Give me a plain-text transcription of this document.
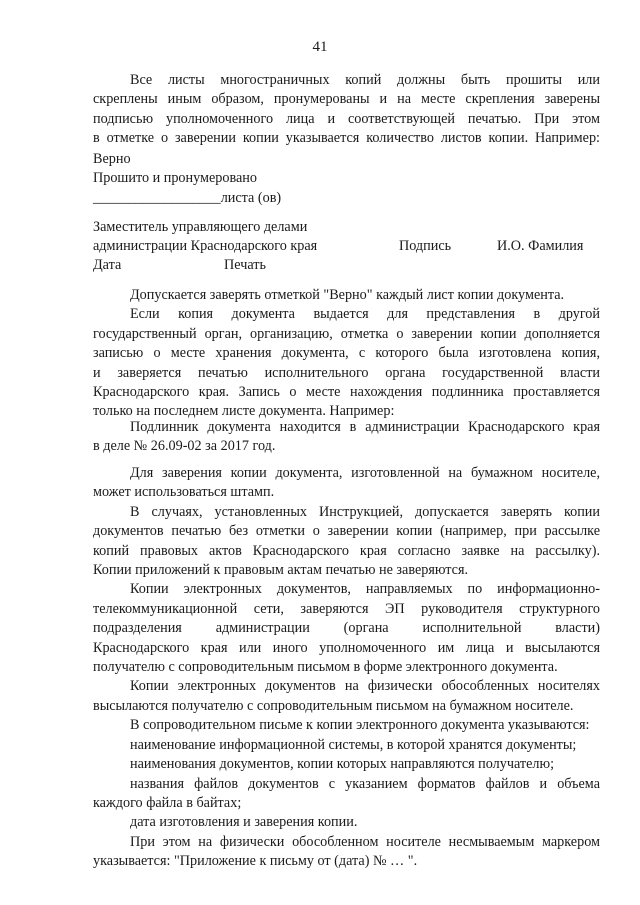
41
Все листы многостраничных копий должны быть прошиты или
скреплены иным образом, пронумерованы и на месте скрепления заверены
подписью уполномоченного лица и соответствующей печатью. При этом
в отметке о заверении копии указывается количество листов копии. Например:
Верно
Прошито и пронумеровано
__________________листа (ов)
Заместитель управляющего делами
администрации Краснодарского края	Подпись	И.О. Фамилия
Дата	Печать
Допускается заверять отметкой "Верно" каждый лист копии документа.
Если копия документа выдается для представления в другой
государственный орган, организацию, отметка о заверении копии дополняется
записью о месте хранения документа, с которого была изготовлена копия,
и заверяется печатью исполнительного органа государственной власти
Краснодарского края. Запись о месте нахождения подлинника проставляется
только на последнем листе документа. Например:
Подлинник документа находится в администрации Краснодарского края
в деле № 26.09-02 за 2017 год.
Для заверения копии документа, изготовленной на бумажном носителе,
может использоваться штамп.
В случаях, установленных Инструкцией, допускается заверять копии
документов печатью без отметки о заверении копии (например, при рассылке
копий правовых актов Краснодарского края согласно заявке на рассылку).
Копии приложений к правовым актам печатью не заверяются.
Копии электронных документов, направляемых по информационно-
телекоммуникационной сети, заверяются ЭП руководителя структурного
подразделения администрации (органа исполнительной власти)
Краснодарского края или иного уполномоченного им лица и высылаются
получателю с сопроводительным письмом в форме электронного документа.
Копии электронных документов на физически обособленных носителях
высылаются получателю с сопроводительным письмом на бумажном носителе.
В сопроводительном письме к копии электронного документа указываются:
наименование информационной системы, в которой хранятся документы;
наименования документов, копии которых направляются получателю;
названия файлов документов с указанием форматов файлов и объема
каждого файла в байтах;
дата изготовления и заверения копии.
При этом на физически обособленном носителе несмываемым маркером
указывается: "Приложение к письму от (дата) № … ".
